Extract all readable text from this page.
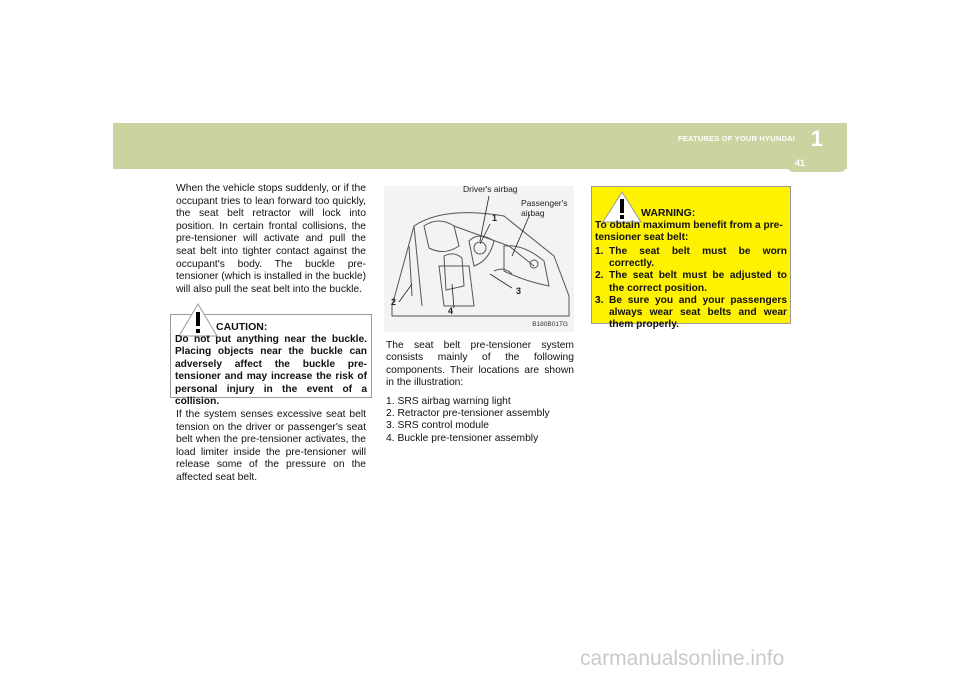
FEATURES OF YOUR HYUNDAI 1
41

When the vehicle stops suddenly, or if the occupant tries to lean forward too quickly, the seat belt retractor will lock into position. In certain frontal collisions, the pre-tensioner will activate and pull the seat belt into tighter contact against the occupant's body. The buckle pre-tensioner (which is installed in the buckle) will also pull the seat belt into the buckle.

CAUTION:
Do not put anything near the buckle. Placing objects near the buckle can adversely affect the buckle pre-tensioner and may increase the risk of personal injury in the event of a collision.
If the system senses excessive seat belt tension on the driver or passenger's seat belt when the pre-tensioner activates, the load limiter inside the pre-tensioner will release some of the pressure on the affected seat belt.
Driver's airbag
Passenger's
airbag
1
2
3
4
B180B01TG

The seat belt pre-tensioner system consists mainly of the following components. Their locations are shown in the illustration:

1. SRS airbag warning light
2. Retractor pre-tensioner assembly
3. SRS control module
4. Buckle pre-tensioner assembly
WARNING:
To obtain maximum benefit from a pre-tensioner seat belt:
1. The seat belt must be worn correctly.
2. The seat belt must be adjusted to the correct position.
3. Be sure you and your passengers always wear seat belts and wear them properly.
carmanualsonline.info
